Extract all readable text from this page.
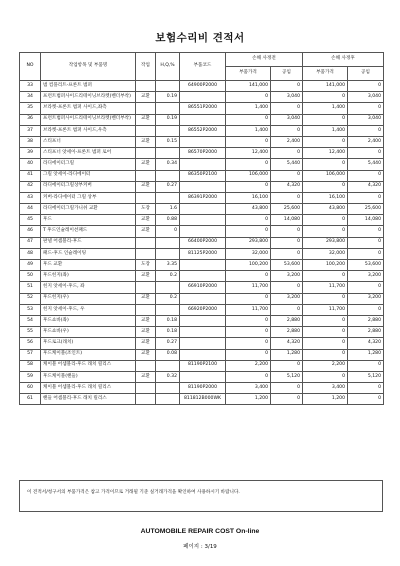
보험수리비 견적서
NO	작업항목 및 부품명	작업	H,Q,%	부품코드	손해 사정전		손해 사정후	
					부품가격	공임	부품가격	공임
33	범 컴플리트-프론트 범퍼			64900P2000	141,000	0	141,000	0
34	프런트범퍼사이드리테이닝브라켓(벤더부착)	교환	0.19		0	3,040	0	3,040
35	브라켓-프론트 범퍼 사이드,좌측			86551P2000	1,400	0	1,400	0
36	프런트범퍼사이드리테이닝브라켓(벤더부착)	교환	0.19		0	3,040	0	3,040
37	브라켓-프론트 범퍼 사이드,우측			86552P2000	1,400	0	1,400	0
38	스티프너	교환	0.15		0	2,400	0	2,400
39	스티프너 앗세이-프론트 범퍼 로어			86570P2000	12,400	0	12,400	0
40	라디에이터그릴	교환	0.34		0	5,440	0	5,440
41	그릴 앗세이-라디에이터			86350P2100	106,000	0	106,000	0
42	라디에이터그릴상부커버	교환	0.27		0	4,320	0	4,320
43	커버-라디에이터 그릴 상부			86391P2000	16,100	0	16,100	0
44	라디에이터그릴가니쉬 교환	도장	1.6		43,800	25,600	43,800	25,600
45	후드	교환	0.88		0	14,080	0	14,080
46	T 후드인슐레이션패드	교환	0		0	0	0	0
47	판넬 어셈블리-후드			66400P2000	293,800	0	293,800	0
48	패드-후드 인슐레이팅			81125P2000	32,000	0	32,000	0
49	후드 교환	도장	3.35		100,200	53,600	100,200	53,600
50	후드힌지(좌)	교환	0.2		0	3,200	0	3,200
51	힌지 앗세이-후드, 좌			66910P2000	11,700	0	11,700	0
52	후드힌지(우)	교환	0.2		0	3,200	0	3,200
53	힌지 앗세이-후드, 우			66920P2000	11,700	0	11,700	0
54	후드쇼바(좌)	교환	0.18		0	2,880	0	2,880
55	후드쇼바(우)	교환	0.18		0	2,880	0	2,880
56	후드로크(래치)	교환	0.27		0	4,320	0	4,320
57	후드케이블(조인트)	교환	0.08		0	1,280	0	1,280
58	케이블 어셈블리-후드 래치 릴리스			81190P2100	2,200	0	2,200	0
59	후드케이블(핸들)	교환	0.32		0	5,120	0	5,120
60	케이블 어셈블리-후드 래치 릴리스			81190P2000	3,400	0	3,400	0
61	핸들 어셈블리-후드 래치 릴리스			811812B000WK	1,200	0	1,200	0
이 견적서/청구서의 부품가격은 참고 가격이므로 거래될 기준 실거래가격을 확인하여 사용하시기 바랍니다.
AUTOMOBILE REPAIR COST On-line
페이지 : 3/19
